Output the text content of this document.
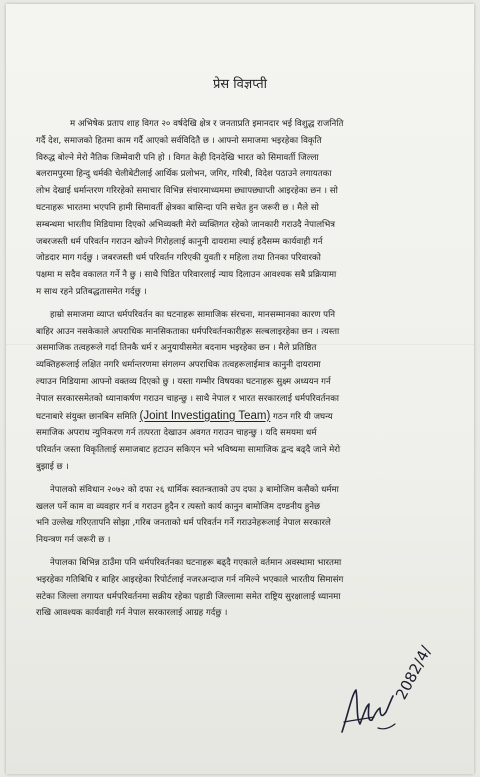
प्रेस विज्ञप्ती
म अभिषेक प्रताप शाह विगत २० वर्षदेखि क्षेत्र र जनताप्रति इमानदार भई विशुद्ध राजनिति
गर्दै देश, समाजको हितमा काम गर्दै आएको सर्वविदितै छ । आफ्नो समाजमा भइरहेका विकृति
विरुद्ध बोल्ने मेरो नैतिक जिम्मेवारी पनि हो । विगत केही दिनदेखि भारत को सिमावर्ती जिल्ला
बलरामपुरमा हिन्दु धर्मकी चेलीबेटीलाई आर्थिक प्रलोभन, जगिर, गरिबी, विदेश पठाउने लगायतका
लोभ देखाई धर्मान्तरण गरिरहेको समाचार विभिन्न संचारमाध्यममा छ्यापछ्याप्ती आइरहेका छन । सो
घटनाहरू भारतमा भएपनि हामी सिमावर्ती क्षेत्रका बासिन्दा पनि सचेत हुन जरूरी छ । मैले सो
सम्बन्धमा भारतीय मिडियामा दिएको अभिव्यक्ती मेरो व्यक्तिगत रहेको जानकारी गराउदै नेपालभित्र
जबरजस्ती धर्म परिवर्तन गराउन खोज्ने गिरोहलाई कानुनी दायरामा ल्याई हदैसम्म कार्यवाही गर्न
जोडदार माग गर्दछु । जबरजस्ती धर्म परिवर्तन गरिएकी युवती र महिला तथा तिनका परिवारको
पक्षमा म सदैव वकालत गर्ने नै छु । साथै पिडित परिवारलाई न्याय दिलाउन आवश्यक सबै प्रक्रियामा
म साथ रहने प्रतिबद्धतासमेत गर्दछु ।
हाम्रो समाजमा व्याप्त धर्मपरिवर्तन का घटनाहरू सामाजिक संरचना, मानसम्मानका कारण पनि
बाहिर आउन नसकेकाले अपराधिक मानसिकताका धर्मपरिवर्तनकारीहरू सल्बलाइरहेका छन । त्यस्ता
असमाजिक तत्वहरूले गर्दा तिनकै धर्म र अनुयायीसमेत बदनाम भइरहेका छन । मैले प्रतिष्ठित
व्यक्तिहरूलाई लक्षित नगरि धर्मान्तरणमा संगलग्न अपराधिक तत्वहरूलाईमात्र कानुनी दायरामा
ल्याउन मिडियामा आफ्नो वक्तव्य दिएको छु । यस्ता गम्भीर विषयका घटनाहरू सुक्ष्म अध्ययन गर्न
नेपाल सरकारसमेतको ध्यानाकर्षण गराउन चाहन्छु । साथै नेपाल र भारत सरकारलाई धर्मपरिवर्तनका
घटनाबारे संयुक्त छानबिन समिति (Joint Investigating Team) गठन गरि यी जघन्य
समाजिक अपराध न्युनिकरण गर्न तत्परता देखाउन अवगत गराउन चाहन्छु । यदि समयमा धर्म
परिवर्तन जस्ता विकृतिलाई समाजबाट हटाउन सकिएन भने भविष्यमा सामाजिक द्वन्द बढ्दै जाने मेरो
बुझाई छ ।
नेपालको संविधान २०७२ को दफा २६ धार्मिक स्वतन्त्रताको उप दफा ३ बामोजिम कसैको धर्ममा
खलल पर्ने काम वा व्यवहार गर्न व गराउन हुदैन र त्यस्तो कार्य कानुन बामोजिम दण्डनीय हुनेछ
भनि उल्लेख गरिएतापनि सोझा ,गरिब जनताको धर्म परिवर्तन गर्ने गराउनेहरूलाई नेपाल सरकारले
नियन्त्रण गर्न जरूरी छ ।
नेपालका बिभिन्न ठाउँमा पनि धर्मपरिवर्तनका घटनाहरू बढ्दै गएकाले वर्तमान अवस्थामा भारतमा
भइरहेका गतिबिधि र बाहिर आइरहेका रिपोर्टलाई नजरअन्दाज गर्न नमिल्ने भएकाले भारतीय सिमासंग
सटेका जिल्ला लगायत धर्मपरिवर्तनमा सक्रीय रहेका पहाडी जिल्लामा समेत राष्ट्रिय सुरक्षालाई ध्यानमा
राखि आवश्यक कार्यवाही गर्न नेपाल सरकारलाई आग्रह गर्दछु ।
2082/4/
